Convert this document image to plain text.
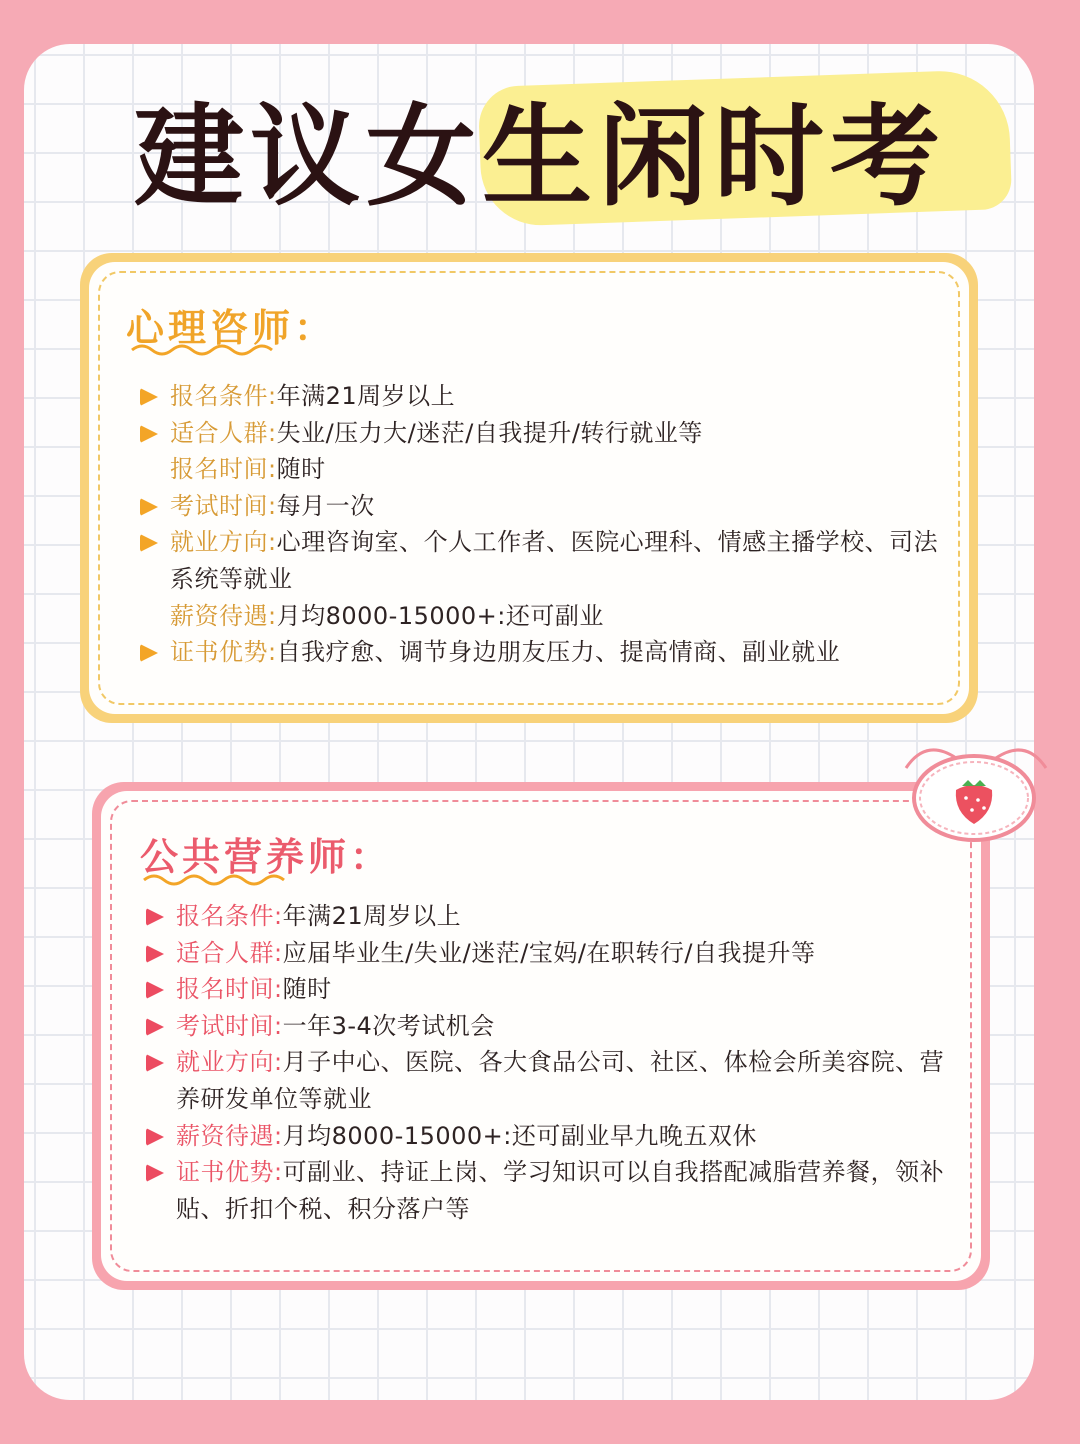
建议女生闲时考
心理咨师：
报名条件:年满21周岁以上
适合人群:失业/压力大/迷茫/自我提升/转行就业等
报名时间:随时
考试时间:每月一次
就业方向:心理咨询室、个人工作者、医院心理科、情感主播学校、司法系统等就业
薪资待遇:月均8000-15000+:还可副业
证书优势:自我疗愈、调节身边朋友压力、提高情商、副业就业
公共营养师：
报名条件:年满21周岁以上
适合人群:应届毕业生/失业/迷茫/宝妈/在职转行/自我提升等
报名时间:随时
考试时间:一年3-4次考试机会
就业方向:月子中心、医院、各大食品公司、社区、体检会所美容院、营养研发单位等就业
薪资待遇:月均8000-15000+:还可副业早九晚五双休
证书优势:可副业、持证上岗、学习知识可以自我搭配减脂营养餐，领补贴、折扣个税、积分落户等
